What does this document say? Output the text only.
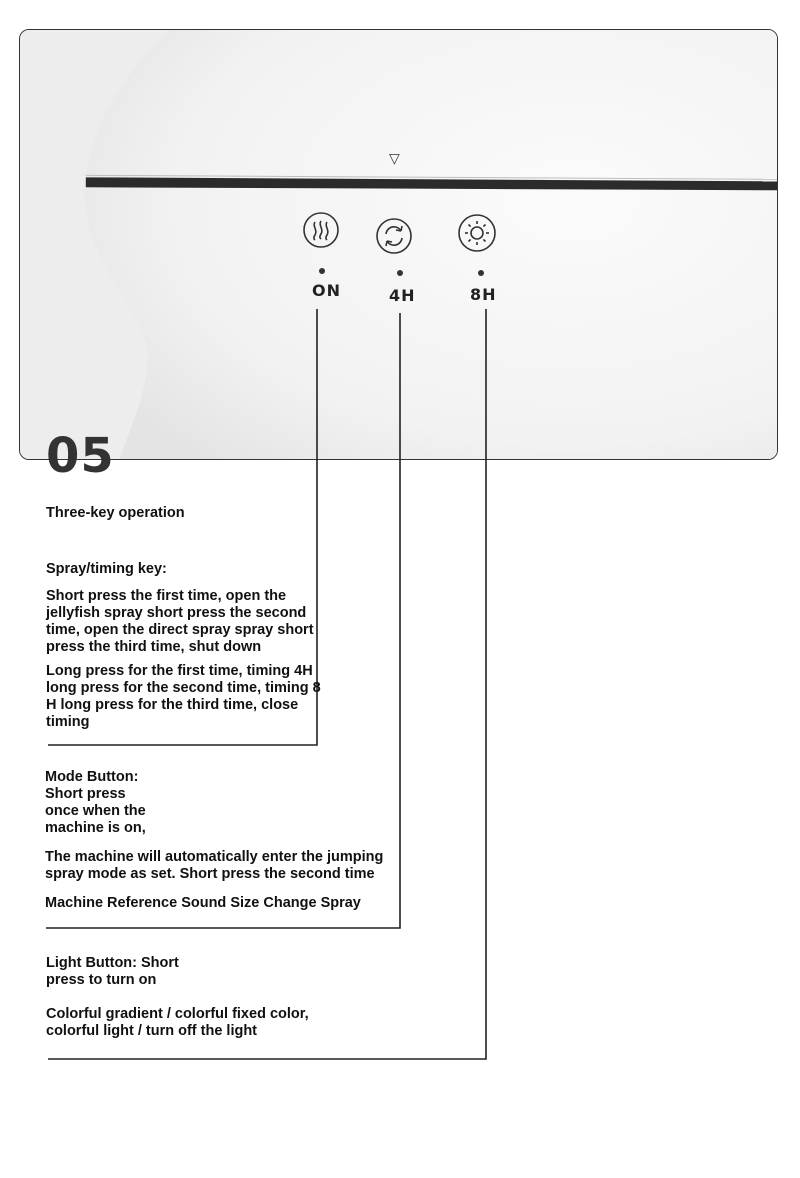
▽
ON	4H	8H
05

Three-key operation

Spray/timing key:

Short press the first time, open the

jellyfish spray short press the second

time, open the direct spray spray short

press the third time, shut down

Long press for the first time, timing 4H

long press for the second time, timing 8

H long press for the third time, close

timing

Mode Button:

Short press

once when the

machine is on,

The machine will automatically enter the jumping

spray mode as set. Short press the second time

Machine Reference Sound Size Change Spray

Light Button: Short

press to turn on

Colorful gradient / colorful fixed color,

colorful light / turn off the light
